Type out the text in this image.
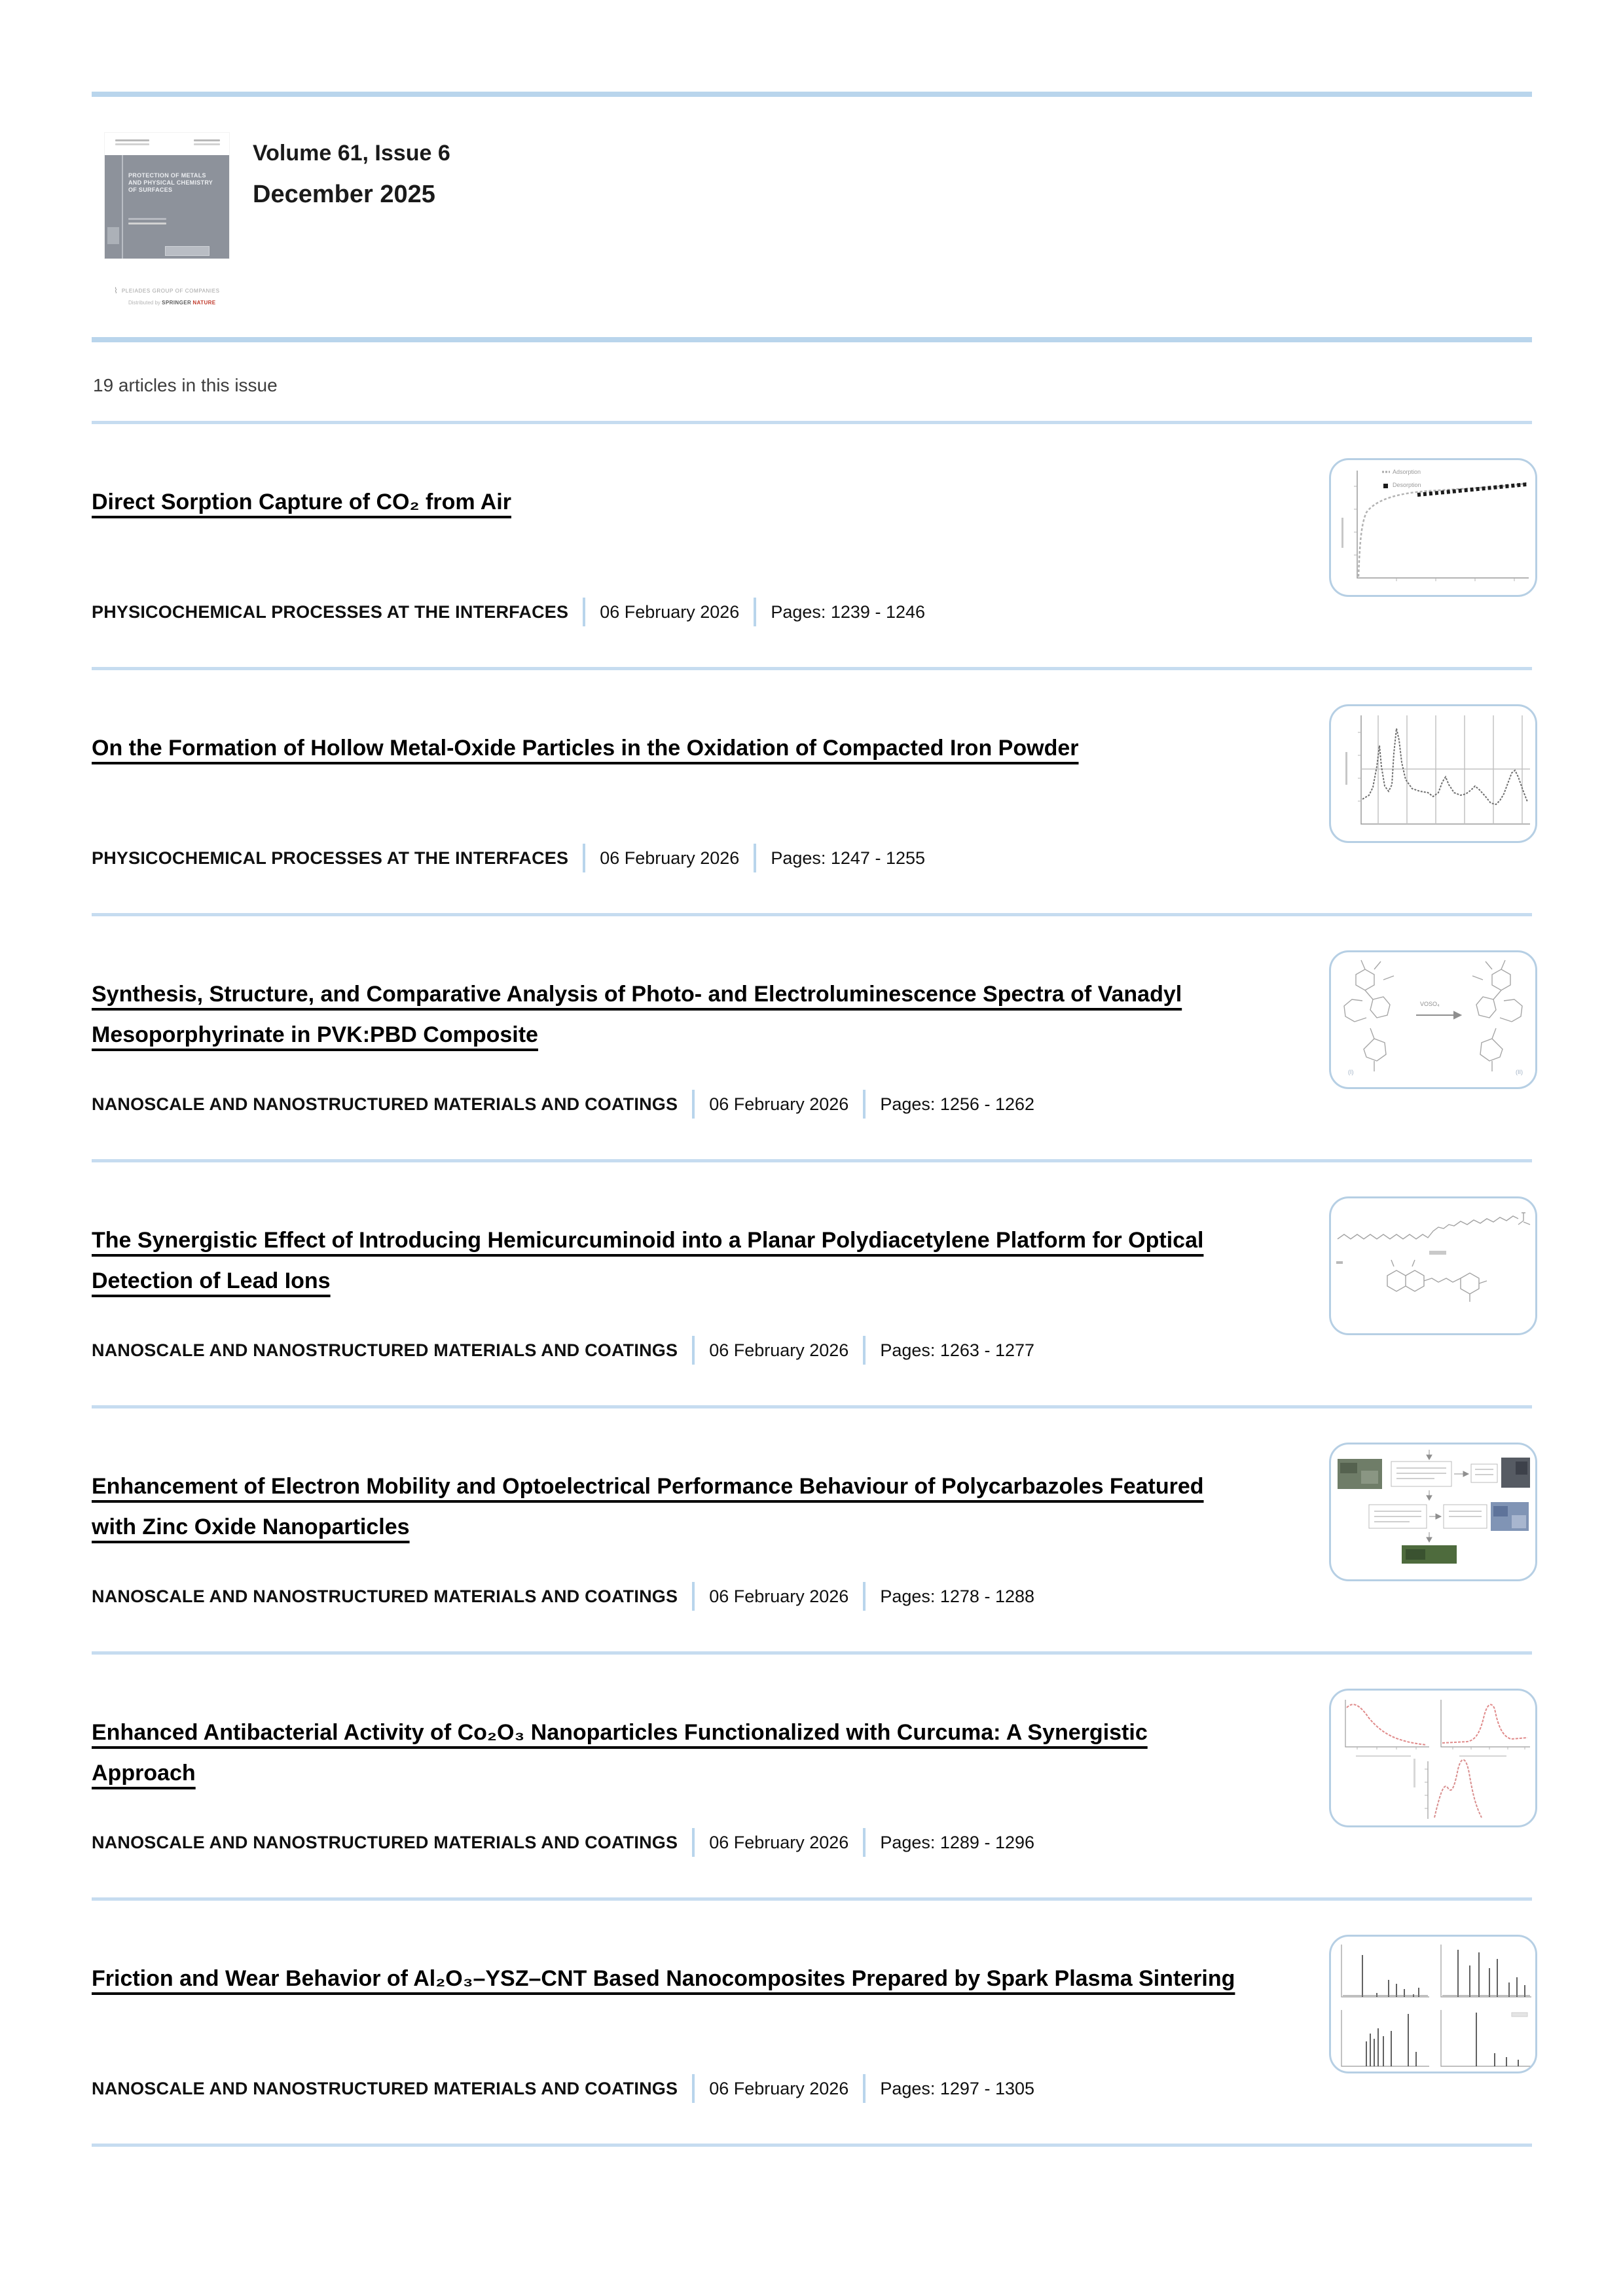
PROTECTION OF METALS AND PHYSICAL CHEMISTRY OF SURFACES
⌇ PLEIADES GROUP OF COMPANIES
Distributed by SPRINGER NATURE
Volume 61, Issue 6
December 2025
19 articles in this issue
Direct Sorption Capture of CO₂ from Air
PHYSICOCHEMICAL PROCESSES AT THE INTERFACES 06 February 2026 Pages: 1239 - 1246
Adsorption
Desorption
On the Formation of Hollow Metal-Oxide Particles in the Oxidation of Compacted Iron Powder
PHYSICOCHEMICAL PROCESSES AT THE INTERFACES 06 February 2026 Pages: 1247 - 1255
Synthesis, Structure, and Comparative Analysis of Photo- and Electroluminescence Spectra of Vanadyl Mesoporphyrinate in PVK:PBD Composite
NANOSCALE AND NANOSTRUCTURED MATERIALS AND COATINGS 06 February 2026 Pages: 1256 - 1262
(I)	(II)
VOSO₄
The Synergistic Effect of Introducing Hemicurcuminoid into a Planar Polydiacetylene Platform for Optical Detection of Lead Ions
NANOSCALE AND NANOSTRUCTURED MATERIALS AND COATINGS 06 February 2026 Pages: 1263 - 1277
Enhancement of Electron Mobility and Optoelectrical Performance Behaviour of Polycarbazoles Featured with Zinc Oxide Nanoparticles
NANOSCALE AND NANOSTRUCTURED MATERIALS AND COATINGS 06 February 2026 Pages: 1278 - 1288
Enhanced Antibacterial Activity of Co₂O₃ Nanoparticles Functionalized with Curcuma: A Synergistic Approach
NANOSCALE AND NANOSTRUCTURED MATERIALS AND COATINGS 06 February 2026 Pages: 1289 - 1296
Friction and Wear Behavior of Al₂O₃–YSZ–CNT Based Nanocomposites Prepared by Spark Plasma Sintering
NANOSCALE AND NANOSTRUCTURED MATERIALS AND COATINGS 06 February 2026 Pages: 1297 - 1305
